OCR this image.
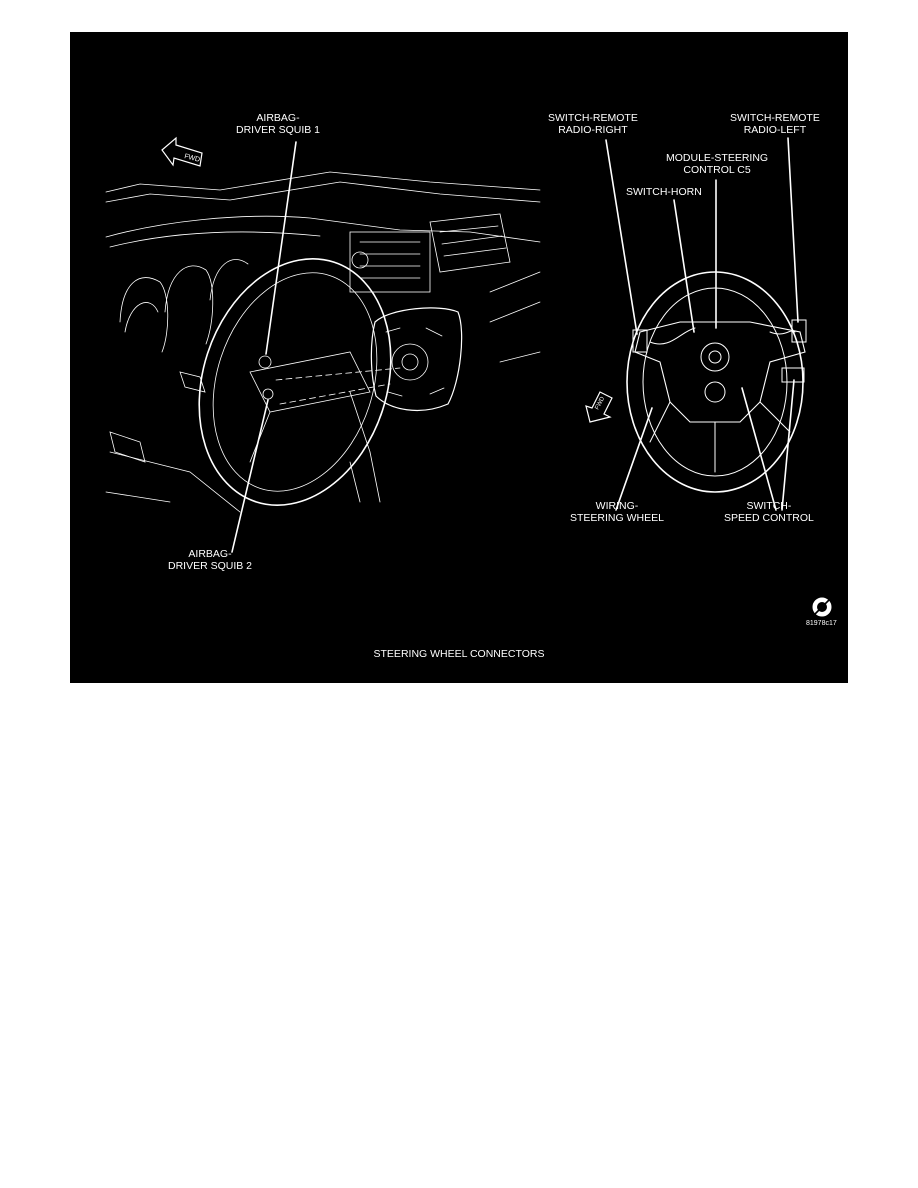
FWD
FWD
AIRBAG-
DRIVER SQUIB 1
AIRBAG-
DRIVER SQUIB 2
SWITCH-REMOTE
RADIO-RIGHT
SWITCH-REMOTE
RADIO-LEFT
MODULE-STEERING
CONTROL C5
SWITCH-HORN
WIRING-
STEERING WHEEL
SWITCH-
SPEED CONTROL
81978c17
STEERING WHEEL CONNECTORS
